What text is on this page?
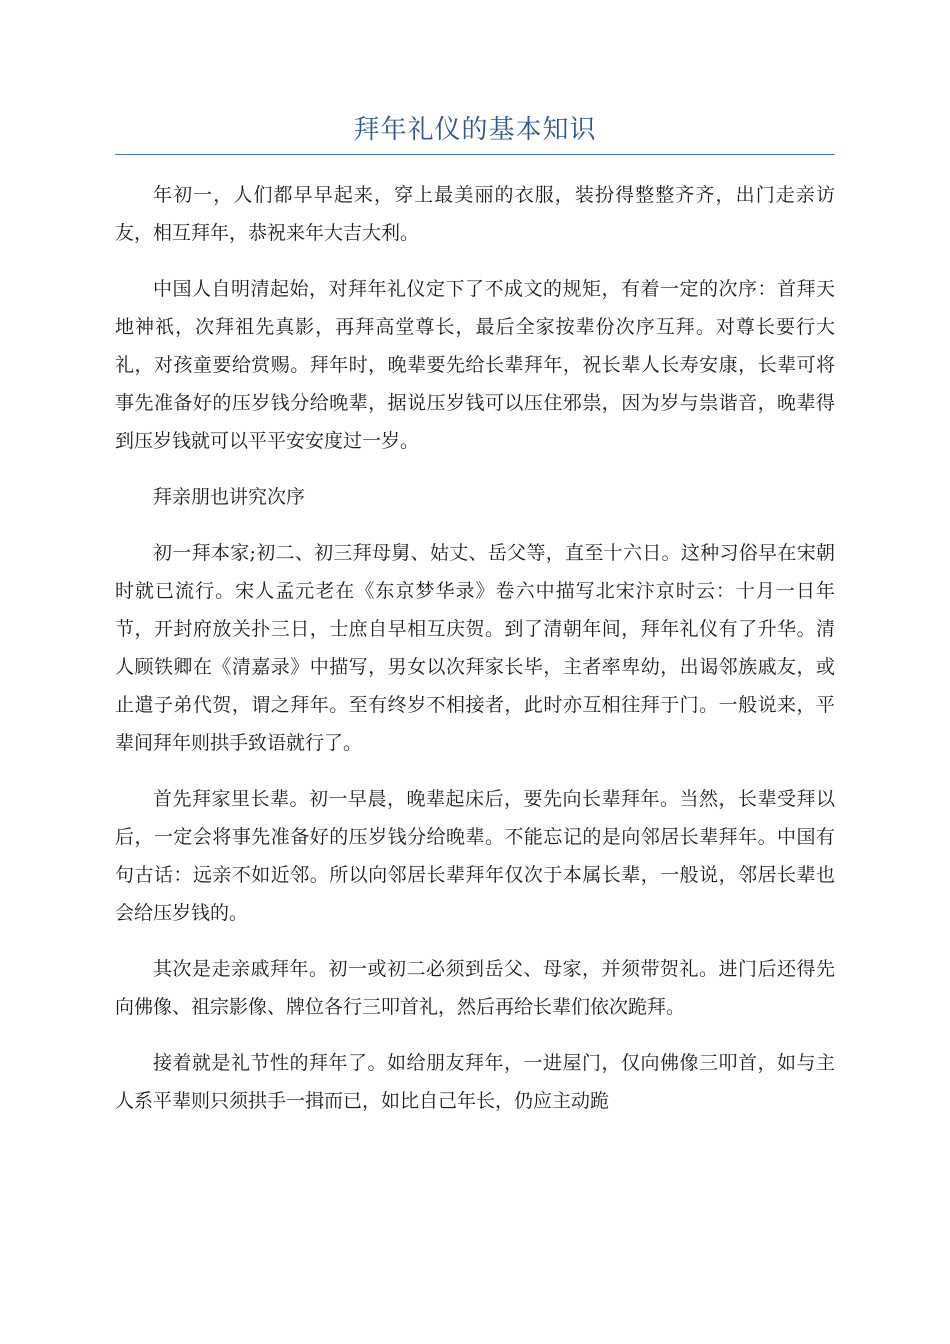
拜年礼仪的基本知识

年初一，人们都早早起来，穿上最美丽的衣服，装扮得整整齐齐，出门走亲访友，相互拜年，恭祝来年大吉大利。

中国人自明清起始，对拜年礼仪定下了不成文的规矩，有着一定的次序：首拜天地神祇，次拜祖先真影，再拜高堂尊长，最后全家按辈份次序互拜。对尊长要行大礼，对孩童要给赏赐。拜年时，晚辈要先给长辈拜年，祝长辈人长寿安康，长辈可将事先准备好的压岁钱分给晚辈，据说压岁钱可以压住邪祟，因为岁与祟谐音，晚辈得到压岁钱就可以平平安安度过一岁。

拜亲朋也讲究次序

初一拜本家;初二、初三拜母舅、姑丈、岳父等，直至十六日。这种习俗早在宋朝时就已流行。宋人孟元老在《东京梦华录》卷六中描写北宋汴京时云：十月一日年节，开封府放关扑三日，士庶自早相互庆贺。到了清朝年间，拜年礼仪有了升华。清人顾铁卿在《清嘉录》中描写，男女以次拜家长毕，主者率卑幼，出谒邻族戚友，或止遣子弟代贺，谓之拜年。至有终岁不相接者，此时亦互相往拜于门。一般说来，平辈间拜年则拱手致语就行了。

首先拜家里长辈。初一早晨，晚辈起床后，要先向长辈拜年。当然，长辈受拜以后，一定会将事先准备好的压岁钱分给晚辈。不能忘记的是向邻居长辈拜年。中国有句古话：远亲不如近邻。所以向邻居长辈拜年仅次于本属长辈，一般说，邻居长辈也会给压岁钱的。

其次是走亲戚拜年。初一或初二必须到岳父、母家，并须带贺礼。进门后还得先向佛像、祖宗影像、牌位各行三叩首礼，然后再给长辈们依次跪拜。

接着就是礼节性的拜年了。如给朋友拜年，一进屋门，仅向佛像三叩首，如与主人系平辈则只须拱手一揖而已，如比自己年长，仍应主动跪
